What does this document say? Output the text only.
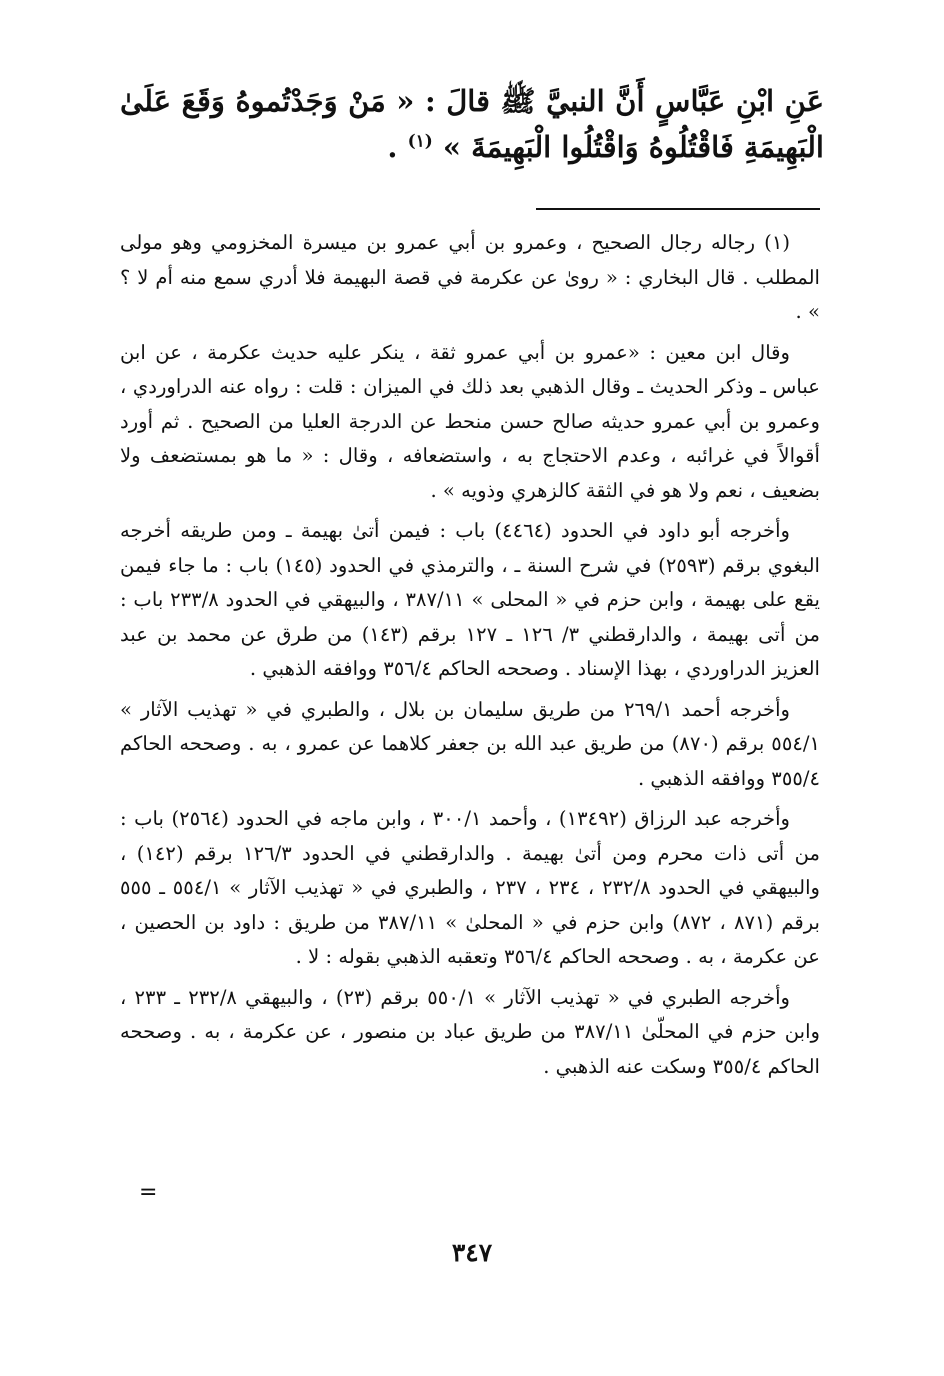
عَنِ ابْنِ عَبَّاسٍ أَنَّ النبيَّ ﷺ قالَ : « مَنْ وَجَدْتُموهُ وَقَعَ عَلَىٰ الْبَهِيمَةِ فَاقْتُلُوهُ وَاقْتُلُوا الْبَهِيمَةَ » $^{(١)}$ .

(١) رجاله رجال الصحيح ، وعمرو بن أبي عمرو بن ميسرة المخزومي وهو مولى المطلب . قال البخاري : « روىٰ عن عكرمة في قصة البهيمة فلا أدري سمع منه أم لا ؟ » .

وقال ابن معين : «عمرو بن أبي عمرو ثقة ، ينكر عليه حديث عكرمة ، عن ابن عباس ـ وذكر الحديث ـ وقال الذهبي بعد ذلك في الميزان : قلت : رواه عنه الدراوردي ، وعمرو بن أبي عمرو حديثه صالح حسن منحط عن الدرجة العليا من الصحيح . ثم أورد أقوالاً في غرائبه ، وعدم الاحتجاج به ، واستضعافه ، وقال : « ما هو بمستضعف ولا بضعيف ، نعم ولا هو في الثقة كالزهري وذويه » .

وأخرجه أبو داود في الحدود (٤٤٦٤) باب : فيمن أتىٰ بهيمة ـ ومن طريقه أخرجه البغوي برقم (٢٥٩٣) في شرح السنة ـ ، والترمذي في الحدود (١٤٥) باب : ما جاء فيمن يقع على بهيمة ، وابن حزم في « المحلى » ٣٨٧/١١ ، والبيهقي في الحدود ٢٣٣/٨ باب : من أتى بهيمة ، والدارقطني ٣/ ١٢٦ ـ ١٢٧ برقم (١٤٣) من طرق عن محمد بن عبد العزيز الدراوردي ، بهذا الإسناد . وصححه الحاكم ٣٥٦/٤ ووافقه الذهبي .

وأخرجه أحمد ٢٦٩/١ من طريق سليمان بن بلال ، والطبري في « تهذيب الآثار » ٥٥٤/١ برقم (٨٧٠) من طريق عبد الله بن جعفر كلاهما عن عمرو ، به . وصححه الحاكم ٣٥٥/٤ ووافقه الذهبي .

وأخرجه عبد الرزاق (١٣٤٩٢) ، وأحمد ٣٠٠/١ ، وابن ماجه في الحدود (٢٥٦٤) باب : من أتى ذات محرم ومن أتىٰ بهيمة . والدارقطني في الحدود ١٢٦/٣ برقم (١٤٢) ، والبيهقي في الحدود ٢٣٢/٨ ، ٢٣٤ ، ٢٣٧ ، والطبري في « تهذيب الآثار » ٥٥٤/١ ـ ٥٥٥ برقم (٨٧١ ، ٨٧٢) وابن حزم في « المحلىٰ » ٣٨٧/١١ من طريق : داود بن الحصين ، عن عكرمة ، به . وصححه الحاكم ٣٥٦/٤ وتعقبه الذهبي بقوله : لا .

وأخرجه الطبري في « تهذيب الآثار » ٥٥٠/١ برقم (٢٣) ، والبيهقي ٢٣٢/٨ ـ ٢٣٣ ، وابن حزم في المحلّىٰ ٣٨٧/١١ من طريق عباد بن منصور ، عن عكرمة ، به . وصححه الحاكم ٣٥٥/٤ وسكت عنه الذهبي .

=
٣٤٧
